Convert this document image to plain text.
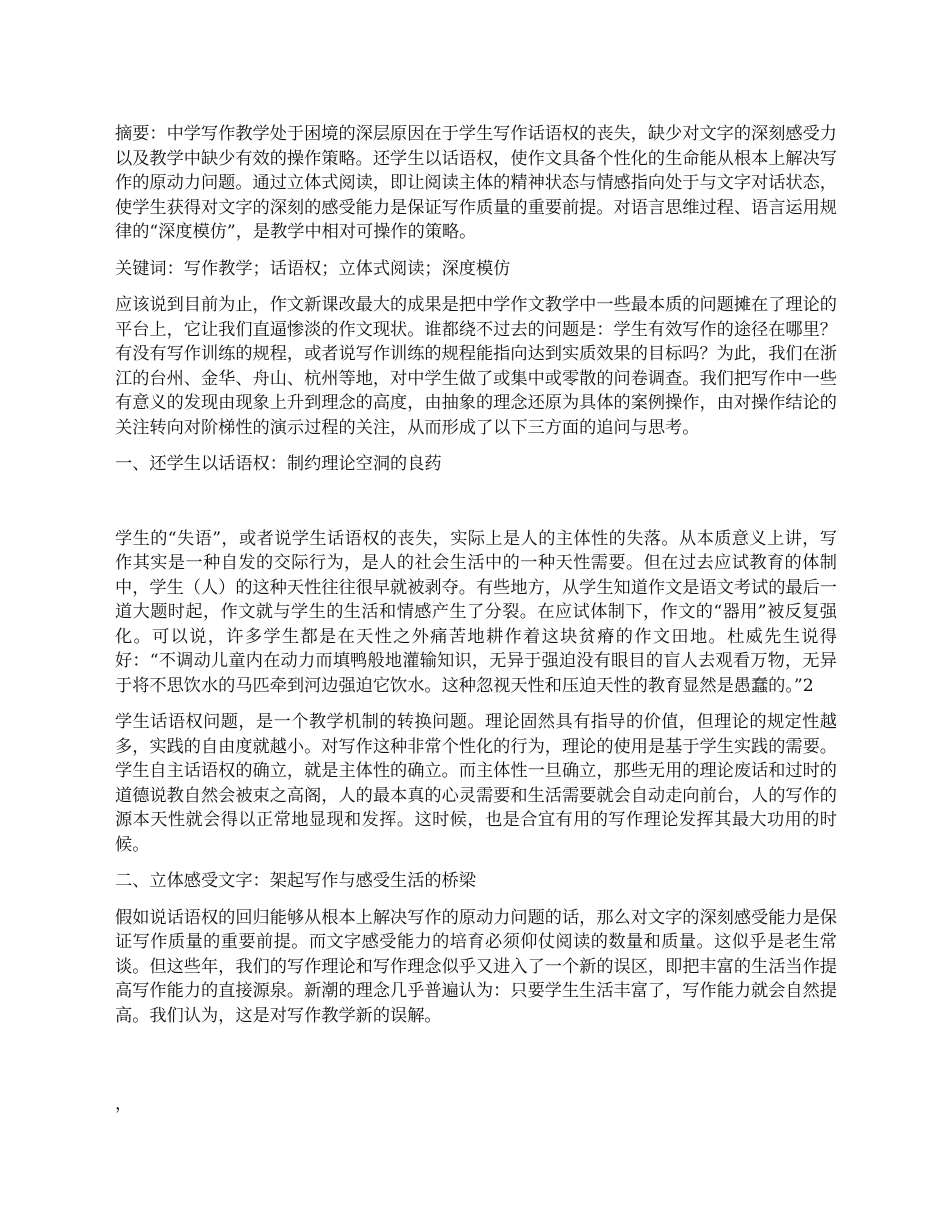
摘要：中学写作教学处于困境的深层原因在于学生写作话语权的丧失，缺少对文字的深刻感受力以及教学中缺少有效的操作策略。还学生以话语权，使作文具备个性化的生命能从根本上解决写作的原动力问题。通过立体式阅读，即让阅读主体的精神状态与情感指向处于与文字对话状态，使学生获得对文字的深刻的感受能力是保证写作质量的重要前提。对语言思维过程、语言运用规律的“深度模仿”，是教学中相对可操作的策略。

关键词：写作教学；话语权；立体式阅读；深度模仿

应该说到目前为止，作文新课改最大的成果是把中学作文教学中一些最本质的问题摊在了理论的平台上，它让我们直逼惨淡的作文现状。谁都绕不过去的问题是：学生有效写作的途径在哪里？有没有写作训练的规程，或者说写作训练的规程能指向达到实质效果的目标吗？为此，我们在浙江的台州、金华、舟山、杭州等地，对中学生做了或集中或零散的问卷调查。我们把写作中一些有意义的发现由现象上升到理念的高度，由抽象的理念还原为具体的案例操作，由对操作结论的关注转向对阶梯性的演示过程的关注，从而形成了以下三方面的追问与思考。

一、还学生以话语权：制约理论空洞的良药

学生的“失语”，或者说学生话语权的丧失，实际上是人的主体性的失落。从本质意义上讲，写作其实是一种自发的交际行为，是人的社会生活中的一种天性需要。但在过去应试教育的体制中，学生（人）的这种天性往往很早就被剥夺。有些地方，从学生知道作文是语文考试的最后一道大题时起，作文就与学生的生活和情感产生了分裂。在应试体制下，作文的“器用”被反复强化。可以说，许多学生都是在天性之外痛苦地耕作着这块贫瘠的作文田地。杜威先生说得好：“不调动儿童内在动力而填鸭般地灌输知识，无异于强迫没有眼目的盲人去观看万物，无异于将不思饮水的马匹牵到河边强迫它饮水。这种忽视天性和压迫天性的教育显然是愚蠢的。”2

学生话语权问题，是一个教学机制的转换问题。理论固然具有指导的价值，但理论的规定性越多，实践的自由度就越小。对写作这种非常个性化的行为，理论的使用是基于学生实践的需要。学生自主话语权的确立，就是主体性的确立。而主体性一旦确立，那些无用的理论废话和过时的道德说教自然会被束之高阁，人的最本真的心灵需要和生活需要就会自动走向前台，人的写作的源本天性就会得以正常地显现和发挥。这时候，也是合宜有用的写作理论发挥其最大功用的时候。

二、立体感受文字：架起写作与感受生活的桥梁

假如说话语权的回归能够从根本上解决写作的原动力问题的话，那么对文字的深刻感受能力是保证写作质量的重要前提。而文字感受能力的培育必须仰仗阅读的数量和质量。这似乎是老生常谈。但这些年，我们的写作理论和写作理念似乎又进入了一个新的误区，即把丰富的生活当作提高写作能力的直接源泉。新潮的理念几乎普遍认为：只要学生生活丰富了，写作能力就会自然提高。我们认为，这是对写作教学新的误解。

，
